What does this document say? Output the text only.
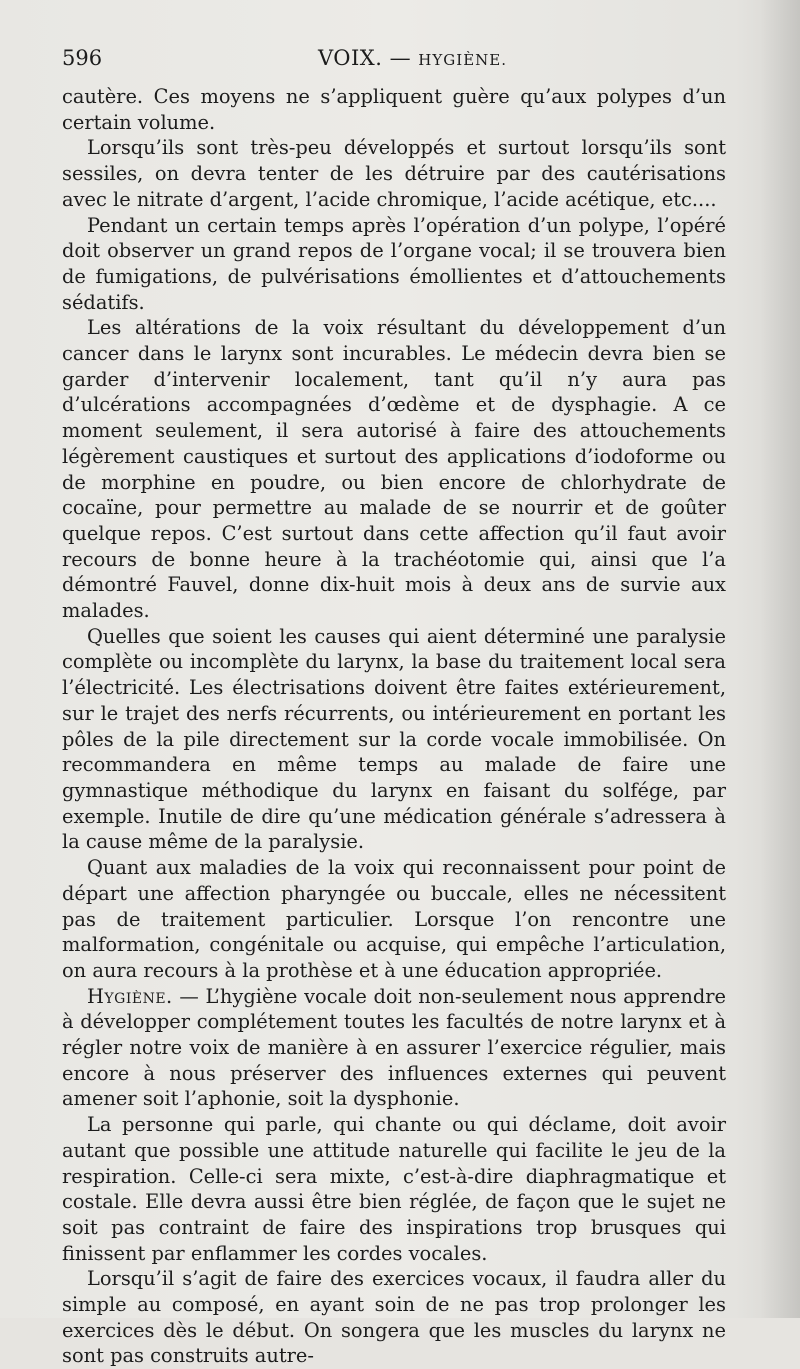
596	VOIX. — HYGIÈNE.

cautère. Ces moyens ne s’appliquent guère qu’aux polypes d’un certain volume.

Lorsqu’ils sont très-peu développés et surtout lorsqu’ils sont sessiles, on devra tenter de les détruire par des cautérisations avec le nitrate d’argent, l’acide chromique, l’acide acétique, etc....

Pendant un certain temps après l’opération d’un polype, l’opéré doit observer un grand repos de l’organe vocal; il se trouvera bien de fumigations, de pulvérisations émollientes et d’attouchements sédatifs.

Les altérations de la voix résultant du développement d’un cancer dans le larynx sont incurables. Le médecin devra bien se garder d’intervenir localement, tant qu’il n’y aura pas d’ulcérations accompagnées d’œdème et de dysphagie. A ce moment seulement, il sera autorisé à faire des attouchements légèrement caustiques et surtout des applications d’iodoforme ou de morphine en poudre, ou bien encore de chlorhydrate de cocaïne, pour permettre au malade de se nourrir et de goûter quelque repos. C’est surtout dans cette affection qu’il faut avoir recours de bonne heure à la trachéotomie qui, ainsi que l’a démontré Fauvel, donne dix-huit mois à deux ans de survie aux malades.

Quelles que soient les causes qui aient déterminé une paralysie complète ou incomplète du larynx, la base du traitement local sera l’électricité. Les électrisations doivent être faites extérieurement, sur le trajet des nerfs récurrents, ou intérieurement en portant les pôles de la pile directement sur la corde vocale immobilisée. On recommandera en même temps au malade de faire une gymnastique méthodique du larynx en faisant du solfége, par exemple. Inutile de dire qu’une médication générale s’adressera à la cause même de la paralysie.

Quant aux maladies de la voix qui reconnaissent pour point de départ une affection pharyngée ou buccale, elles ne nécessitent pas de traitement particulier. Lorsque l’on rencontre une malformation, congénitale ou acquise, qui empêche l’articulation, on aura recours à la prothèse et à une éducation appropriée.

Hygiène. — L’hygiène vocale doit non-seulement nous apprendre à développer complétement toutes les facultés de notre larynx et à régler notre voix de manière à en assurer l’exercice régulier, mais encore à nous préserver des influences externes qui peuvent amener soit l’aphonie, soit la dysphonie.

La personne qui parle, qui chante ou qui déclame, doit avoir autant que possible une attitude naturelle qui facilite le jeu de la respiration. Celle-ci sera mixte, c’est-à-dire diaphragmatique et costale. Elle devra aussi être bien réglée, de façon que le sujet ne soit pas contraint de faire des inspirations trop brusques qui finissent par enflammer les cordes vocales.

Lorsqu’il s’agit de faire des exercices vocaux, il faudra aller du simple au composé, en ayant soin de ne pas trop prolonger les exercices dès le début. On songera que les muscles du larynx ne sont pas construits autre-
